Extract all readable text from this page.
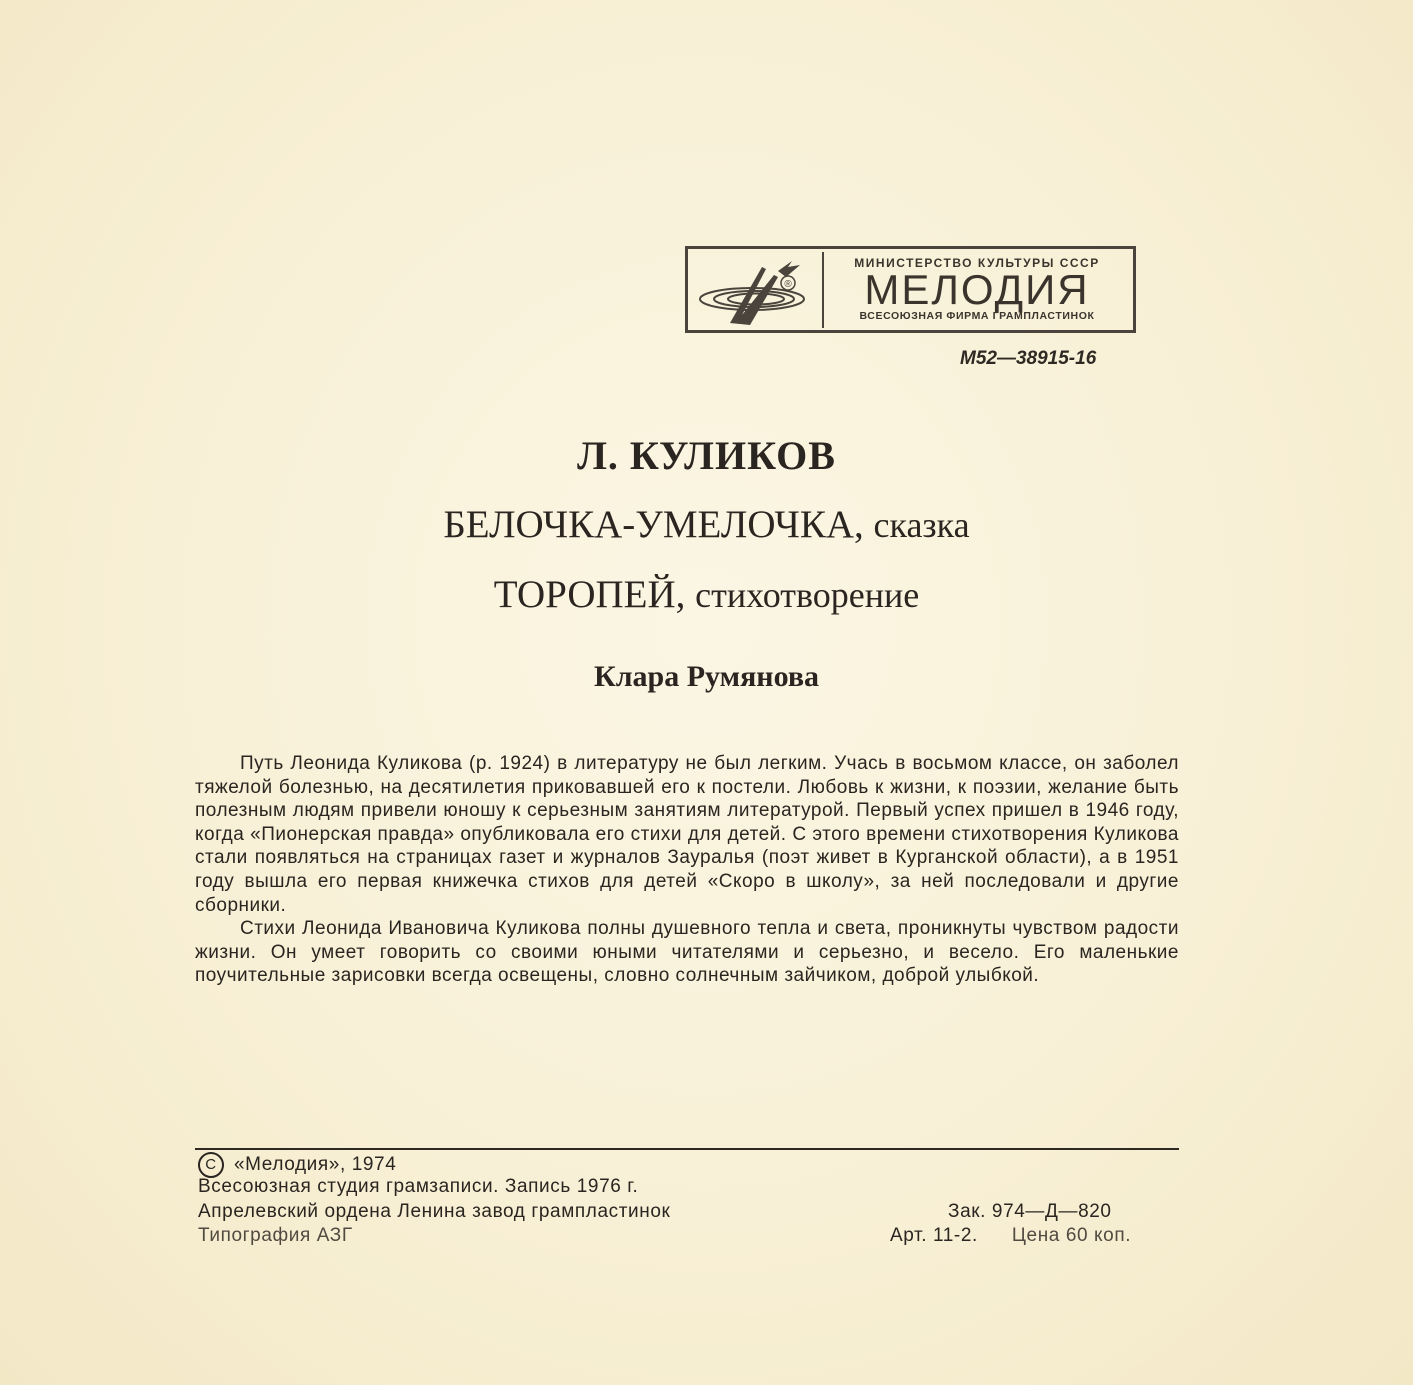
®
МИНИСТЕРСТВО КУЛЬТУРЫ СССР
МЕЛОДИЯ
ВСЕСОЮЗНАЯ ФИРМА ГРАМПЛАСТИНОК
М52—38915-16
Л. КУЛИКОВ
БЕЛОЧКА-УМЕЛОЧКА, сказка
ТОРОПЕЙ, стихотворение
Клара Румянова

Путь Леонида Куликова (р. 1924) в литературу не был легким. Учась в восьмом классе, он заболел тяжелой болезнью, на десятилетия приковавшей его к постели. Любовь к жизни, к поэзии, желание быть полезным людям привели юношу к серьезным занятиям литературой. Первый успех пришел в 1946 году, когда «Пионерская правда» опубликовала его стихи для детей. С этого времени стихотворения Куликова стали появляться на страницах газет и журналов Зауралья (поэт живет в Курганской области), а в 1951 году вышла его первая книжечка стихов для детей «Скоро в школу», за ней последовали и другие сборники.

Стихи Леонида Ивановича Куликова полны душевного тепла и света, проникнуты чувством радости жизни. Он умеет говорить со своими юными читателями и серьезно, и весело. Его маленькие поучительные зарисовки всегда освещены, словно солнечным зайчиком, доброй улыбкой.

C «Мелодия», 1974
Всесоюзная студия грамзаписи. Запись 1976 г.
Апрелевский ордена Ленина завод грампластинок
Типография АЗГ
Зак. 974—Д—820
Арт. 11-2. Цена 60 коп.
